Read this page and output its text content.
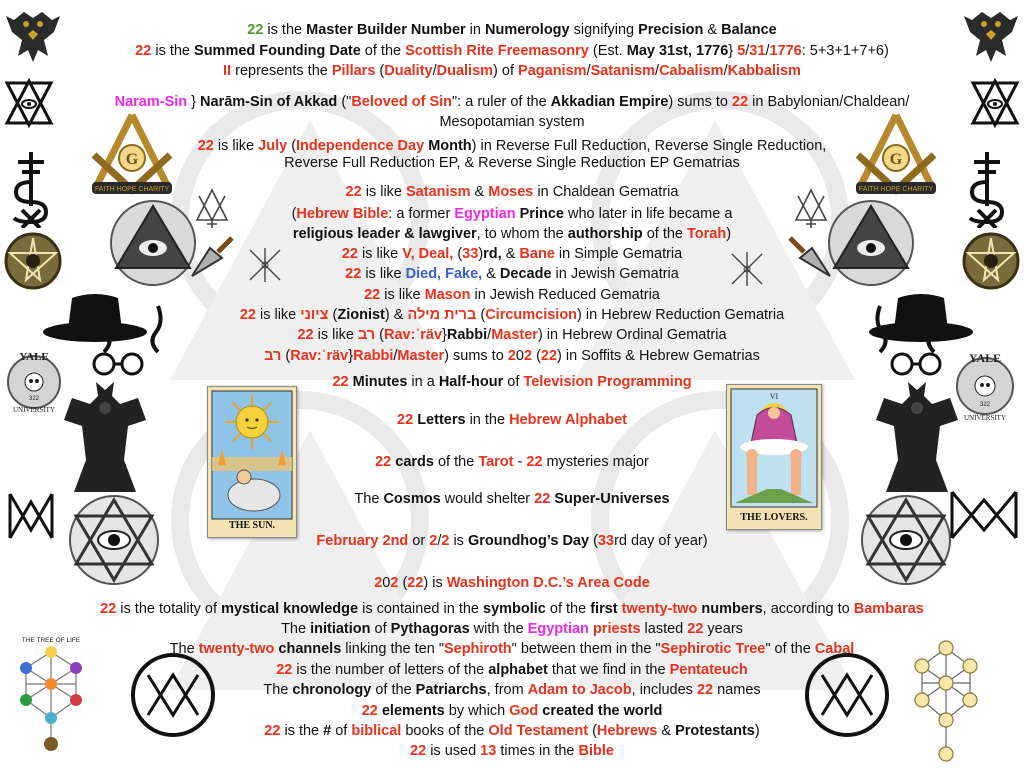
G
FAITH HOPE CHARITY
YALE
322
UNIVERSITY
THE TREE OF LIFE
G
FAITH HOPE CHARITY
YALE
322
UNIVERSITY
THE SUN.
VI
THE LOVERS.
22 is the Master Builder Number in Numerology signifying Precision & Balance
22 is the Summed Founding Date of the Scottish Rite Freemasonry (Est. May 31st, 1776} 5/31/1776: 5+3+1+7+6)
II represents the Pillars (Duality/Dualism) of Paganism/Satanism/Cabalism/Kabbalism
Naram-Sin } Narām-Sin of Akkad ("Beloved of Sin": a ruler of the Akkadian Empire) sums to 22 in Babylonian/Chaldean/
Mesopotamian system
22 is like July (Independence Day Month) in Reverse Full Reduction, Reverse Single Reduction,
Reverse Full Reduction EP, & Reverse Single Reduction EP Gematrias
22 is like Satanism & Moses in Chaldean Gematria
(Hebrew Bible: a former Egyptian Prince who later in life became a
religious leader & lawgiver, to whom the authorship of the Torah)
22 is like V, Deal, (33)rd, & Bane in Simple Gematria
22 is like Died, Fake, & Decade in Jewish Gematria
22 is like Mason in Jewish Reduced Gematria
22 is like ציוני (Zionist) & ברית מילה (Circumcision) in Hebrew Reduction Gematria
22 is like רב (Rav:ˈräv}Rabbi/Master) in Hebrew Ordinal Gematria
רב (Rav:ˈräv}Rabbi/Master) sums to 202 (22) in Soffits & Hebrew Gematrias
22 Minutes in a Half-hour of Television Programming
22 Letters in the Hebrew Alphabet
22 cards of the Tarot - 22 mysteries major
The Cosmos would shelter 22 Super-Universes
February 2nd or 2/2 is Groundhog’s Day (33rd day of year)
202 (22) is Washington D.C.’s Area Code
22 is the totality of mystical knowledge is contained in the symbolic of the first twenty-two numbers, according to Bambaras
The initiation of Pythagoras with the Egyptian priests lasted 22 years
The twenty-two channels linking the ten "Sephiroth" between them in the "Sephirotic Tree" of the Cabal
22 is the number of letters of the alphabet that we find in the Pentateuch
The chronology of the Patriarchs, from Adam to Jacob, includes 22 names
22 elements by which God created the world
22 is the # of biblical books of the Old Testament (Hebrews & Protestants)
22 is used 13 times in the Bible
